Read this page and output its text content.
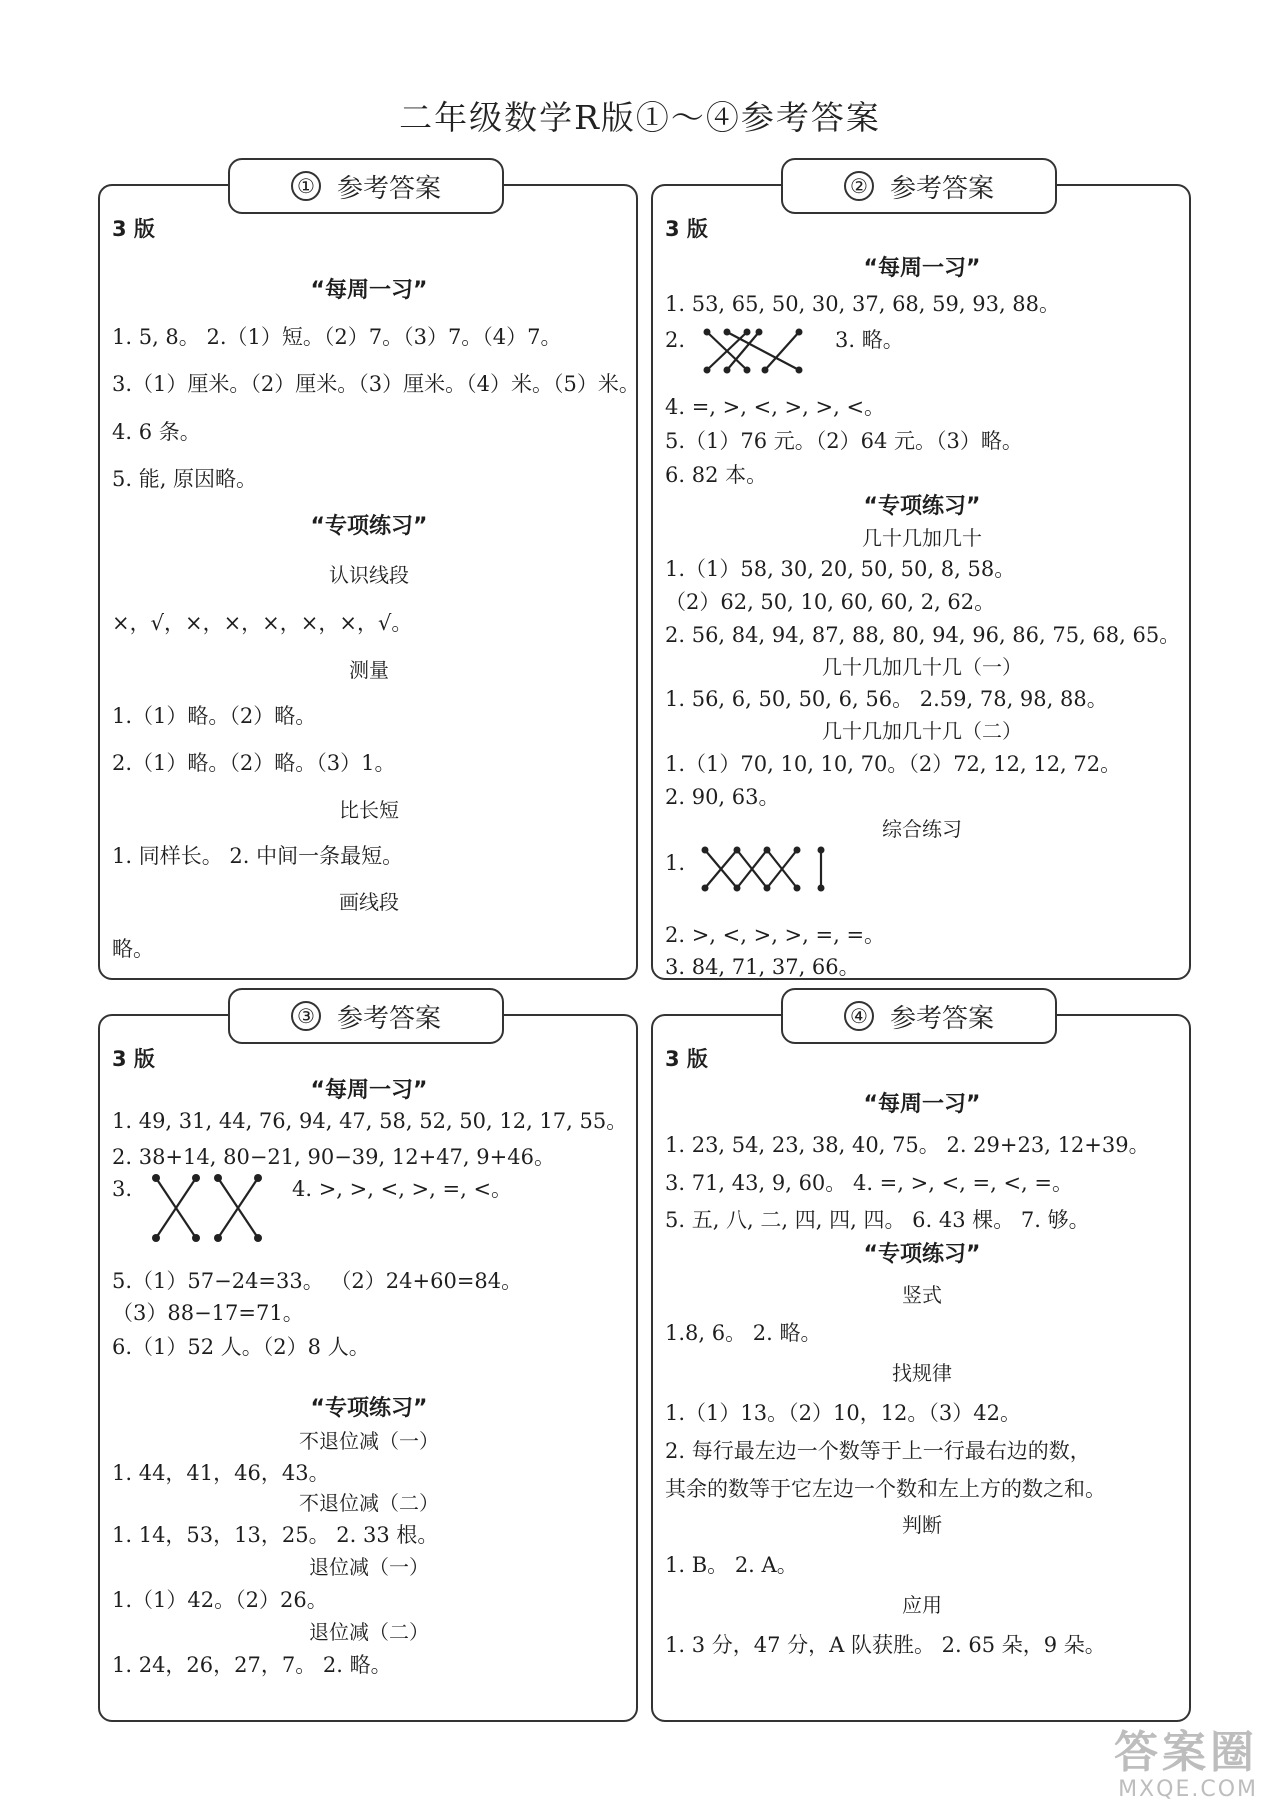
二年级数学R版①～④参考答案
① 参考答案
3 版
“每周一习”
1. 5, 8。 2.（1）短。（2）7。（3）7。（4）7。
3.（1）厘米。（2）厘米。（3）厘米。（4）米。（5）米。
4. 6 条。
5. 能, 原因略。
“专项练习”
认识线段
×，√，×，×，×，×，×，√。
测量
1.（1）略。（2）略。
2.（1）略。（2）略。（3）1。
比长短
1. 同样长。 2. 中间一条最短。
画线段
略。
② 参考答案
3 版
“每周一习”
1. 53, 65, 50, 30, 37, 68, 59, 93, 88。
2.	3. 略。
4. =, >, <, >, >, <。
5.（1）76 元。（2）64 元。（3）略。
6. 82 本。
“专项练习”
几十几加几十
1.（1）58, 30, 20, 50, 50, 8, 58。
（2）62, 50, 10, 60, 60, 2, 62。
2. 56, 84, 94, 87, 88, 80, 94, 96, 86, 75, 68, 65。
几十几加几十几（一）
1. 56, 6, 50, 50, 6, 56。 2.59, 78, 98, 88。
几十几加几十几（二）
1.（1）70, 10, 10, 70。（2）72, 12, 12, 72。
2. 90, 63。
综合练习
1.
2. >, <, >, >, =, =。
3. 84, 71, 37, 66。
③ 参考答案
3 版
“每周一习”
1. 49, 31, 44, 76, 94, 47, 58, 52, 50, 12, 17, 55。
2. 38+14, 80−21, 90−39, 12+47, 9+46。
3.	4. >, >, <, >, =, <。
5.（1）57−24=33。 （2）24+60=84。
（3）88−17=71。
6.（1）52 人。（2）8 人。
“专项练习”
不退位减（一）
1. 44，41，46，43。
不退位减（二）
1. 14，53，13，25。 2. 33 根。
退位减（一）
1.（1）42。（2）26。
退位减（二）
1. 24，26，27，7。 2. 略。
④ 参考答案
3 版
“每周一习”
1. 23, 54, 23, 38, 40, 75。 2. 29+23, 12+39。
3. 71, 43, 9, 60。 4. =, >, <, =, <, =。
5. 五, 八, 二, 四, 四, 四。 6. 43 棵。 7. 够。
“专项练习”
竖式
1.8, 6。 2. 略。
找规律
1.（1）13。（2）10，12。（3）42。
2. 每行最左边一个数等于上一行最右边的数，
其余的数等于它左边一个数和左上方的数之和。
判断
1. B。 2. A。
应用
1. 3 分，47 分，A 队获胜。 2. 65 朵，9 朵。
答案圈
MXQE.COM
